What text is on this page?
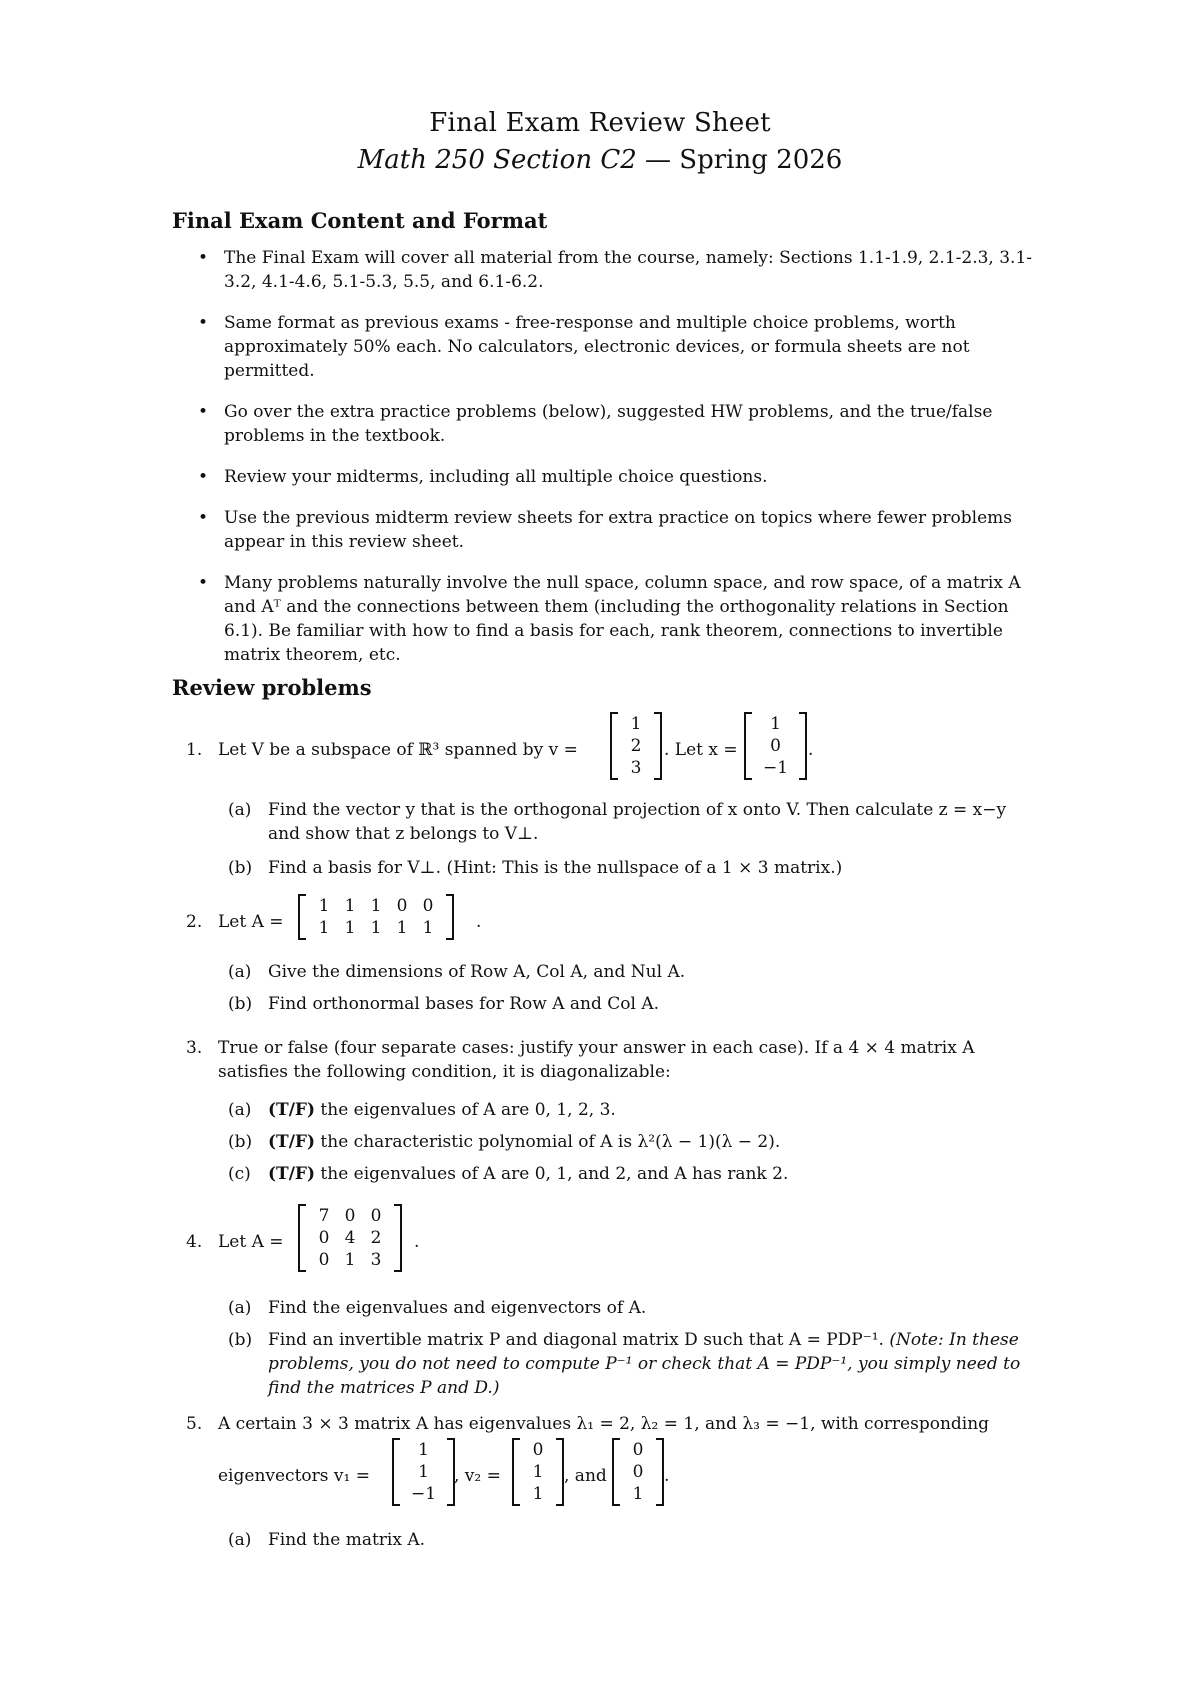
Final Exam Review Sheet
Math 250 Section C2 — Spring 2026
Final Exam Content and Format
• The Final Exam will cover all material from the course, namely: Sections 1.1-1.9, 2.1-2.3, 3.1-3.2, 4.1-4.6, 5.1-5.3, 5.5, and 6.1-6.2.
• Same format as previous exams - free-response and multiple choice problems, worth approximately 50% each. No calculators, electronic devices, or formula sheets are not permitted.
• Go over the extra practice problems (below), suggested HW problems, and the true/false problems in the textbook.
• Review your midterms, including all multiple choice questions.
• Use the previous midterm review sheets for extra practice on topics where fewer problems appear in this review sheet.
• Many problems naturally involve the null space, column space, and row space, of a matrix A and Aᵀ and the connections between them (including the orthogonality relations in Section 6.1). Be familiar with how to find a basis for each, rank theorem, connections to invertible matrix theorem, etc.
Review problems
1. Let V be a subspace of ℝ³ spanned by v =
1
2
3
. Let x =
1
0
−1
.
(a) Find the vector y that is the orthogonal projection of x onto V. Then calculate z = x−y and show that z belongs to V⊥.
(b) Find a basis for V⊥. (Hint: This is the nullspace of a 1 × 3 matrix.)
2. Let A =
1 1 1 0 0
1 1 1 1 1	.
(a) Give the dimensions of Row A, Col A, and Nul A.
(b) Find orthonormal bases for Row A and Col A.
3. True or false (four separate cases: justify your answer in each case). If a 4 × 4 matrix A satisfies the following condition, it is diagonalizable:
(a) (T/F) the eigenvalues of A are 0, 1, 2, 3.
(b) (T/F) the characteristic polynomial of A is λ²(λ − 1)(λ − 2).
(c) (T/F) the eigenvalues of A are 0, 1, and 2, and A has rank 2.
4. Let A =
7 0 0
0 4 2
0 1 3
.
(a) Find the eigenvalues and eigenvectors of A.
(b) Find an invertible matrix P and diagonal matrix D such that A = PDP⁻¹. (Note: In these problems, you do not need to compute P⁻¹ or check that A = PDP⁻¹, you simply need to find the matrices P and D.)
5. A certain 3 × 3 matrix A has eigenvalues λ₁ = 2, λ₂ = 1, and λ₃ = −1, with corresponding
eigenvectors v₁ =
1
1
−1
, v₂ =
0
1
1
, and
0
0
1
.
(a) Find the matrix A.
